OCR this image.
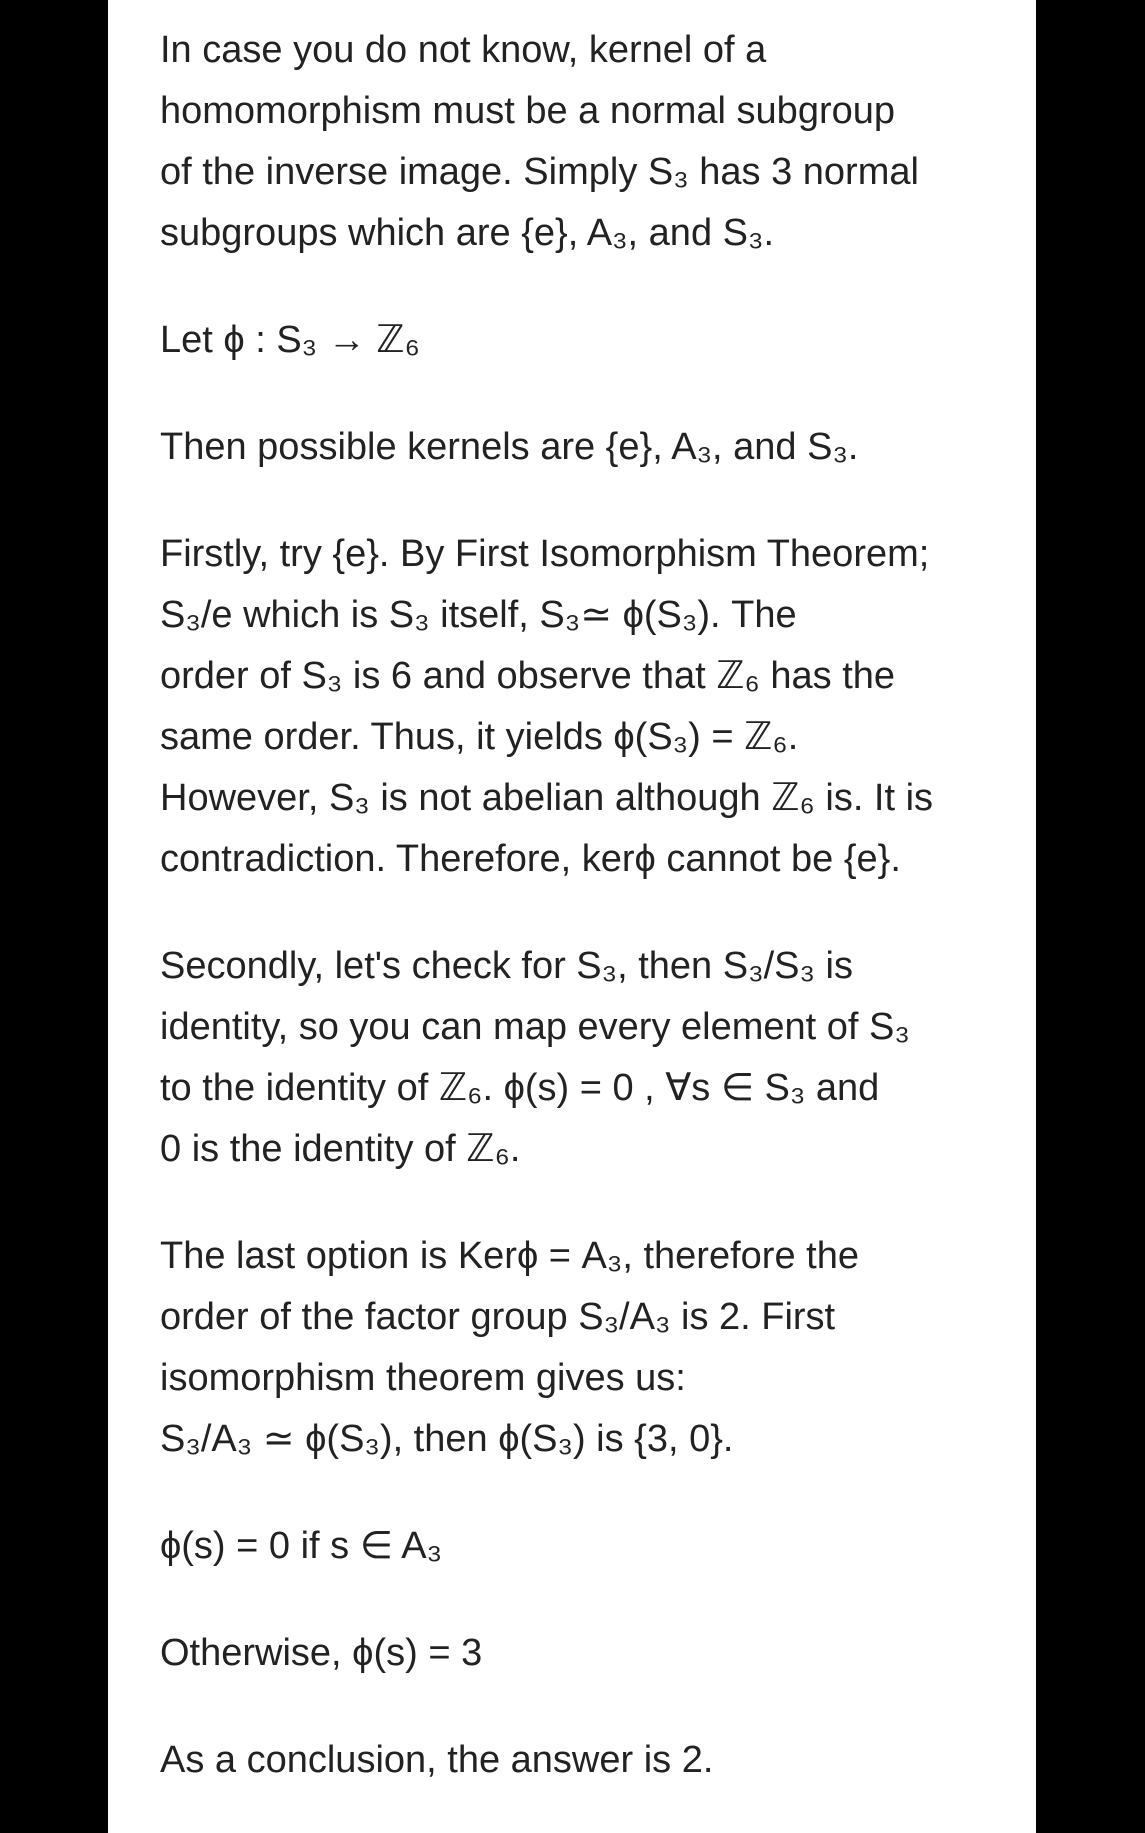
In case you do not know, kernel of a
homomorphism must be a normal subgroup
of the inverse image. Simply S₃ has 3 normal
subgroups which are {e}, A₃, and S₃.

Let ϕ : S₃ → ℤ₆

Then possible kernels are {e}, A₃, and S₃.

Firstly, try {e}. By First Isomorphism Theorem;
S₃/e which is S₃ itself, S₃≃ ϕ(S₃). The
order of S₃ is 6 and observe that ℤ₆ has the
same order. Thus, it yields ϕ(S₃) = ℤ₆.
However, S₃ is not abelian although ℤ₆ is. It is
contradiction. Therefore, kerϕ cannot be {e}.

Secondly, let's check for S₃, then S₃/S₃ is
identity, so you can map every element of S₃
to the identity of ℤ₆. ϕ(s) = 0 , ∀s ∈ S₃ and
0 is the identity of ℤ₆.

The last option is Kerϕ = A₃, therefore the
order of the factor group S₃/A₃ is 2. First
isomorphism theorem gives us:
S₃/A₃ ≃ ϕ(S₃), then ϕ(S₃) is {3, 0}.

ϕ(s) = 0 if s ∈ A₃

Otherwise, ϕ(s) = 3

As a conclusion, the answer is 2.
